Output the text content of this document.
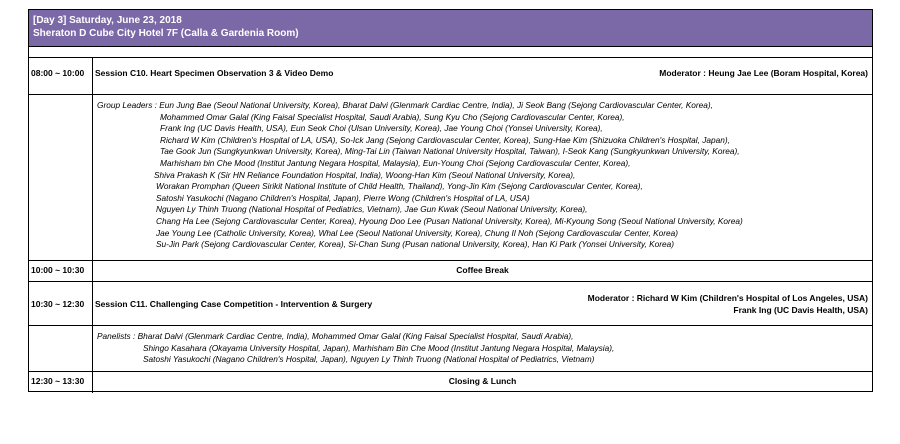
[Day 3] Saturday, June 23, 2018
Sheraton D Cube City Hotel 7F (Calla & Gardenia Room)
08:00 ~ 10:00 Session C10. Heart Specimen Observation 3 & Video Demo	Moderator : Heung Jae Lee (Boram Hospital, Korea)
Group Leaders : Eun Jung Bae (Seoul National University, Korea), Bharat Dalvi (Glenmark Cardiac Centre, India), Ji Seok Bang (Sejong Cardiovascular Center, Korea),
Mohammed Omar Galal (King Faisal Specialist Hospital, Saudi Arabia), Sung Kyu Cho (Sejong Cardiovascular Center, Korea),
Frank Ing (UC Davis Health, USA), Eun Seok Choi (Ulsan University, Korea), Jae Young Choi (Yonsei University, Korea),
Richard W Kim (Children's Hospital of LA, USA), So-Ick Jang (Sejong Cardiovascular Center, Korea), Sung-Hae Kim (Shizuoka Children's Hospital, Japan),
Tae Gook Jun (Sungkyunkwan University, Korea), Ming-Tai Lin (Taiwan National University Hospital, Taiwan), I-Seok Kang (Sungkyunkwan University, Korea),
Marhisham bin Che Mood (Institut Jantung Negara Hospital, Malaysia), Eun-Young Choi (Sejong Cardiovascular Center, Korea),
Shiva Prakash K (Sir HN Reliance Foundation Hospital, India), Woong-Han Kim (Seoul National University, Korea),
Worakan Promphan (Queen Sirikit National Institute of Child Health, Thailand), Yong-Jin Kim (Sejong Cardiovascular Center, Korea),
Satoshi Yasukochi (Nagano Children's Hospital, Japan), Pierre Wong (Children's Hospital of LA, USA)
Nguyen Ly Thinh Truong (National Hospital of Pediatrics, Vietnam), Jae Gun Kwak (Seoul National University, Korea),
Chang Ha Lee (Sejong Cardiovascular Center, Korea), Hyoung Doo Lee (Pusan National University, Korea), Mi-Kyoung Song (Seoul National University, Korea)
Jae Young Lee (Catholic University, Korea), Whal Lee (Seoul National University, Korea), Chung Il Noh (Sejong Cardiovascular Center, Korea)
Su-Jin Park (Sejong Cardiovascular Center, Korea), Si-Chan Sung (Pusan national University, Korea), Han Ki Park (Yonsei University, Korea)
10:00 ~ 10:30	Coffee Break
10:30 ~ 12:30 Session C11. Challenging Case Competition - Intervention & Surgery
Moderator : Richard W Kim (Children's Hospital of Los Angeles, USA)
Frank Ing (UC Davis Health, USA)
Panelists : Bharat Dalvi (Glenmark Cardiac Centre, India), Mohammed Omar Galal (King Faisal Specialist Hospital, Saudi Arabia),
Shingo Kasahara (Okayama University Hospital, Japan), Marhisham Bin Che Mood (Institut Jantung Negara Hospital, Malaysia),
Satoshi Yasukochi (Nagano Children's Hospital, Japan), Nguyen Ly Thinh Truong (National Hospital of Pediatrics, Vietnam)
12:30 ~ 13:30	Closing & Lunch
